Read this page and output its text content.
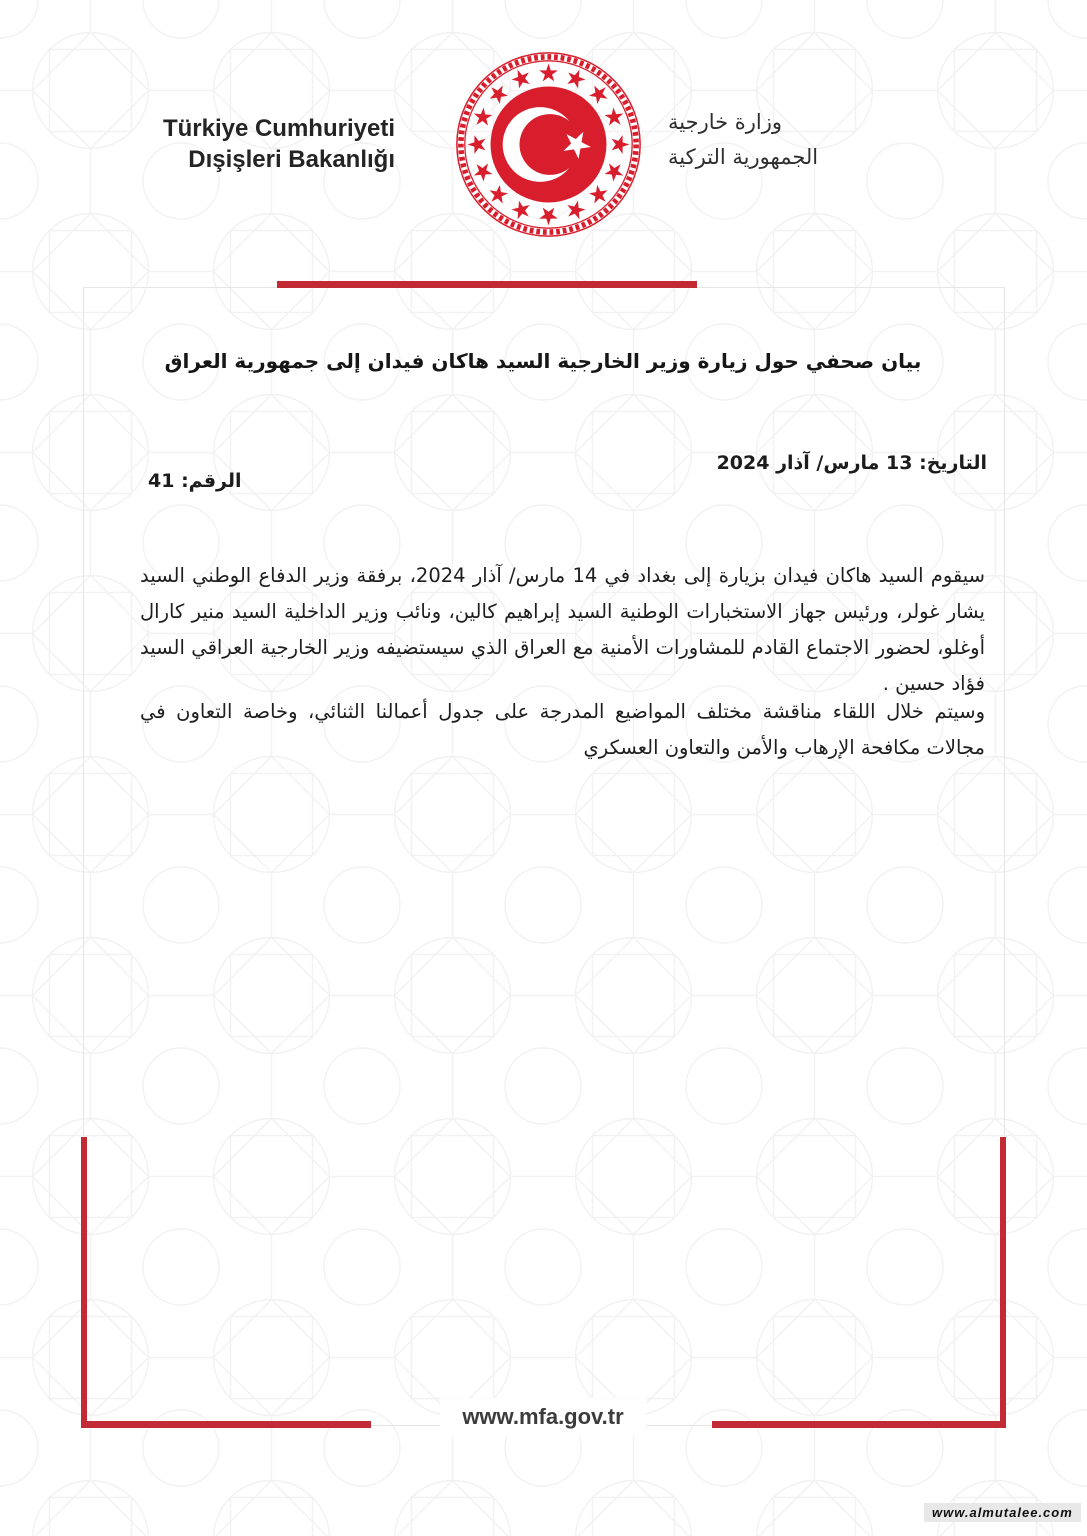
Türkiye Cumhuriyeti
Dışişleri Bakanlığı
وزارة خارجية
الجمهورية التركية
بيان صحفي حول زيارة وزير الخارجية السيد هاكان فيدان إلى جمهورية العراق
التاريخ: 13 مارس/ آذار 2024
الرقم: 41

سيقوم السيد هاكان فيدان بزيارة إلى بغداد في 14 مارس/ آذار 2024، برفقة وزير الدفاع الوطني السيد يشار غولر، ورئيس جهاز الاستخبارات الوطنية السيد إبراهيم كالين، ونائب وزير الداخلية السيد منير كارال أوغلو، لحضور الاجتماع القادم للمشاورات الأمنية مع العراق الذي سيستضيفه وزير الخارجية العراقي السيد فؤاد حسين .

وسيتم خلال اللقاء مناقشة مختلف المواضيع المدرجة على جدول أعمالنا الثنائي، وخاصة التعاون في مجالات مكافحة الإرهاب والأمن والتعاون العسكري

www.mfa.gov.tr
www.almutalee.com
